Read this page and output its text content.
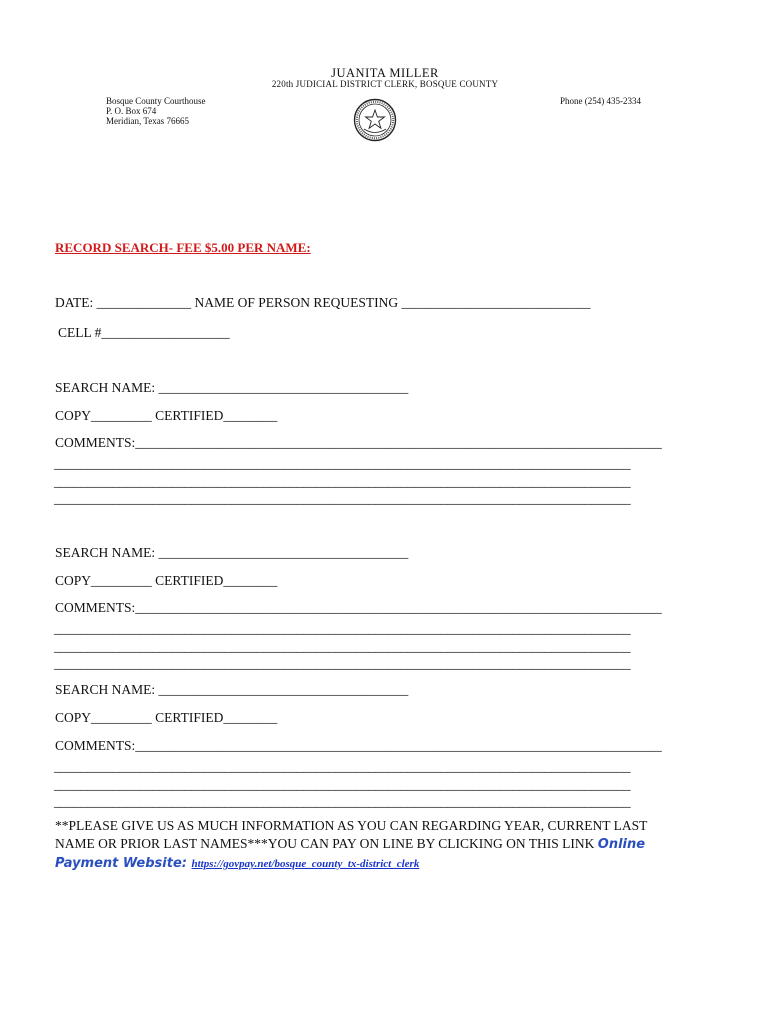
JUANITA MILLER
220th JUDICIAL DISTRICT CLERK, BOSQUE COUNTY
Bosque County Courthouse
P. O. Box 674
Meridian, Texas 76665
Phone (254) 435-2334
RECORD SEARCH- FEE $5.00 PER NAME:
DATE: ______________ NAME OF PERSON REQUESTING ____________________________
CELL #___________________
SEARCH NAME: _____________________________________
COPY_________ CERTIFIED________
COMMENTS:______________________________________________________________________________
________________________________________________________________________________________
________________________________________________________________________________________
________________________________________________________________________________________
SEARCH NAME: _____________________________________
COPY_________ CERTIFIED________
COMMENTS:______________________________________________________________________________
________________________________________________________________________________________
________________________________________________________________________________________
________________________________________________________________________________________
SEARCH NAME: _____________________________________
COPY_________ CERTIFIED________
COMMENTS:______________________________________________________________________________
________________________________________________________________________________________
________________________________________________________________________________________
________________________________________________________________________________________
**PLEASE GIVE US AS MUCH INFORMATION AS YOU CAN REGARDING YEAR, CURRENT LAST
NAME OR PRIOR LAST NAMES***YOU CAN PAY ON LINE BY CLICKING ON THIS LINK Online
Payment Website: https://govpay.net/bosque_county_tx-district_clerk
